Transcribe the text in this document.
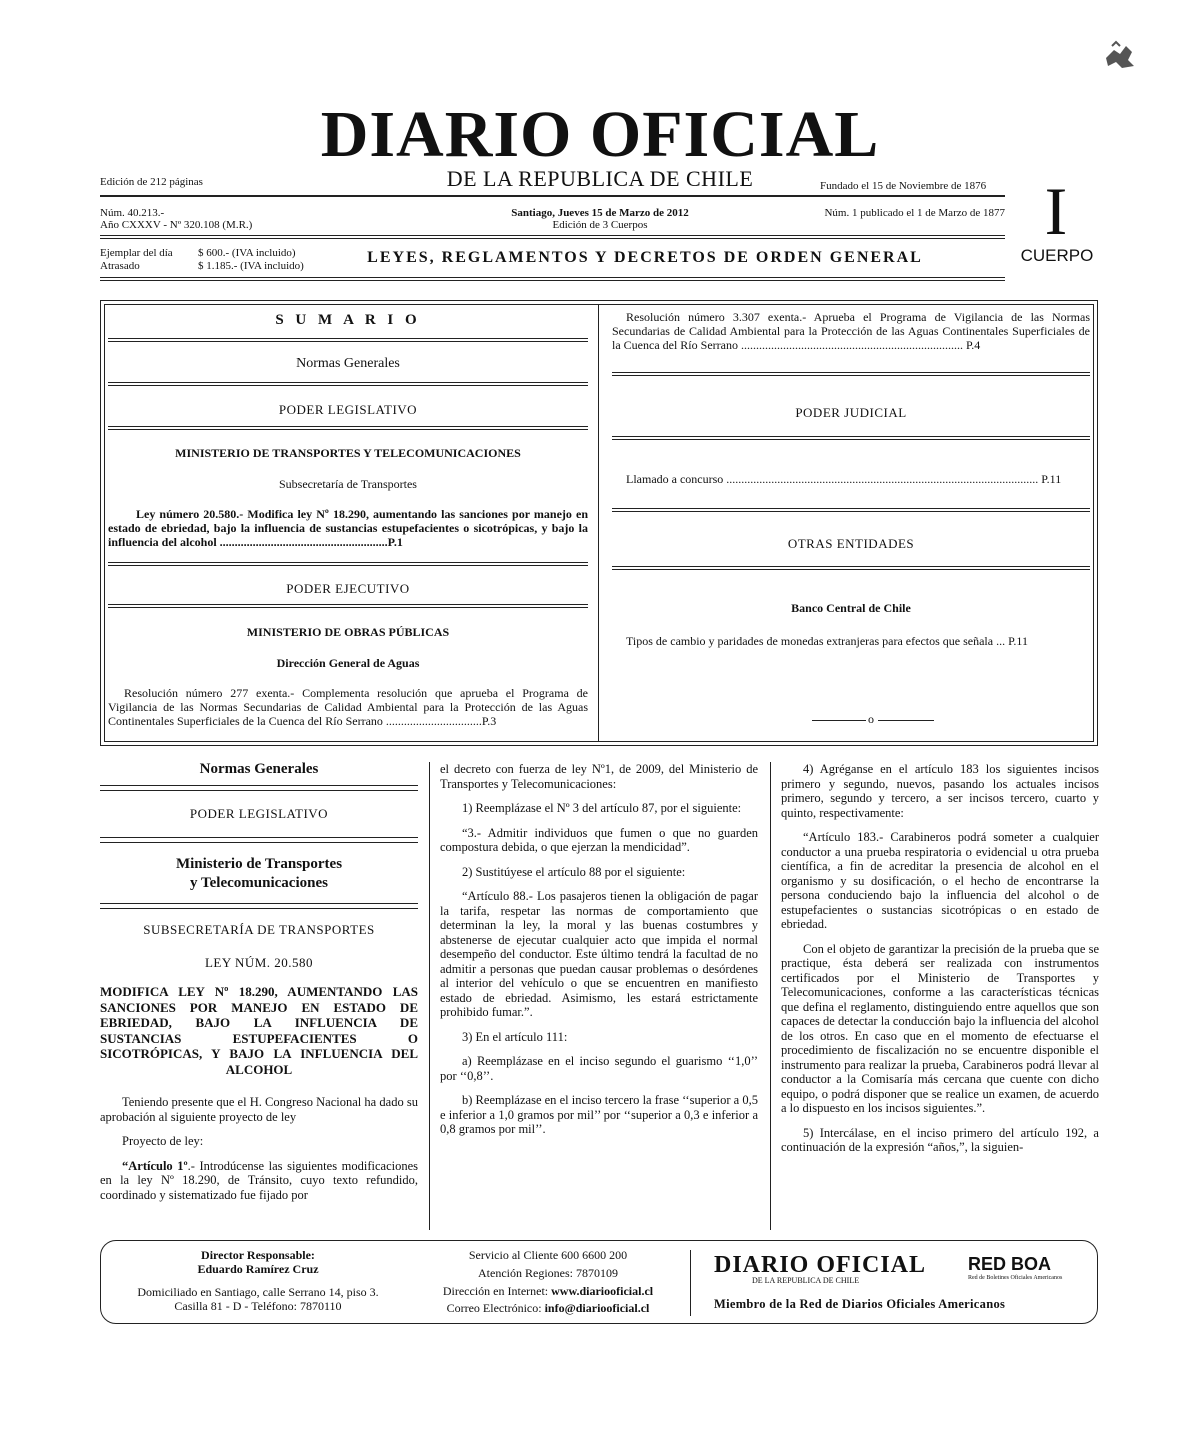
DIARIO OFICIAL
DE LA REPUBLICA DE CHILE
Edición de 212 páginas	Fundado el 15 de Noviembre de 1876 I
Núm. 40.213.-
Año CXXXV - Nº 320.108 (M.R.)
Santiago, Jueves 15 de Marzo de 2012
Edición de 3 Cuerpos
Núm. 1 publicado el 1 de Marzo de 1877
Ejemplar del día $ 600.- (IVA incluido)
Atrasado	$ 1.185.- (IVA incluido)	LEYES, REGLAMENTOS Y DECRETOS DE ORDEN GENERAL	CUERPO
S U M A R I O
Normas Generales
PODER LEGISLATIVO
MINISTERIO DE TRANSPORTES Y TELECOMUNICACIONES
Subsecretaría de Transportes
Ley número 20.580.- Modifica ley Nº 18.290, aumentando las sanciones por manejo en estado de ebriedad, bajo la influencia de sustancias estupefacientes o sicotrópicas, y bajo la influencia del alcohol ........................................................P.1
PODER EJECUTIVO
MINISTERIO DE OBRAS PÚBLICAS
Dirección General de Aguas
Resolución número 277 exenta.- Complementa resolución que aprueba el Programa de Vigilancia de las Normas Secundarias de Calidad Ambiental para la Protección de las Aguas Continentales Superficiales de la Cuenca del Río Serrano ................................P.3
Resolución número 3.307 exenta.- Aprueba el Programa de Vigilancia de las Normas Secundarias de Calidad Ambiental para la Protección de las Aguas Continentales Superficiales de la Cuenca del Río Serrano .......................................................................... P.4
PODER JUDICIAL
Llamado a concurso ........................................................................................................ P.11
OTRAS ENTIDADES
Banco Central de Chile
Tipos de cambio y paridades de monedas extranjeras para efectos que señala ... P.11
o
Normas Generales
PODER LEGISLATIVO
Ministerio de Transportes
y Telecomunicaciones
SUBSECRETARÍA DE TRANSPORTES
LEY NÚM. 20.580
MODIFICA LEY Nº 18.290, AUMENTANDO LAS SANCIONES POR MANEJO EN ESTADO DE EBRIEDAD, BAJO LA INFLUENCIA DE SUSTANCIAS ESTUPEFACIENTES O SICOTRÓPICAS, Y BAJO LA INFLUENCIA DEL ALCOHOL

Teniendo presente que el H. Congreso Nacional ha dado su aprobación al siguiente proyecto de ley

Proyecto de ley:

“Artículo 1º.- Introdúcense las siguientes modificaciones en la ley Nº 18.290, de Tránsito, cuyo texto refundido, coordinado y sistematizado fue fijado por

el decreto con fuerza de ley Nº1, de 2009, del Ministerio de Transportes y Telecomunicaciones:

1) Reemplázase el Nº 3 del artículo 87, por el siguiente:

“3.- Admitir individuos que fumen o que no guarden compostura debida, o que ejerzan la mendicidad”.

2) Sustitúyese el artículo 88 por el siguiente:

“Artículo 88.- Los pasajeros tienen la obligación de pagar la tarifa, respetar las normas de comportamiento que determinan la ley, la moral y las buenas costumbres y abstenerse de ejecutar cualquier acto que impida el normal desempeño del conductor. Este último tendrá la facultad de no admitir a personas que puedan causar problemas o desórdenes al interior del vehículo o que se encuentren en manifiesto estado de ebriedad. Asimismo, les estará estrictamente prohibido fumar.”.

3) En el artículo 111:

a) Reemplázase en el inciso segundo el guarismo ‘‘1,0’’ por ‘‘0,8’’.

b) Reemplázase en el inciso tercero la frase ‘‘superior a 0,5 e inferior a 1,0 gramos por mil’’ por ‘‘superior a 0,3 e inferior a 0,8 gramos por mil’’.

4) Agréganse en el artículo 183 los siguientes incisos primero y segundo, nuevos, pasando los actuales incisos primero, segundo y tercero, a ser incisos tercero, cuarto y quinto, respectivamente:

“Artículo 183.- Carabineros podrá someter a cualquier conductor a una prueba respiratoria o evidencial u otra prueba científica, a fin de acreditar la presencia de alcohol en el organismo y su dosificación, o el hecho de encontrarse la persona conduciendo bajo la influencia del alcohol o de estupefacientes o sustancias sicotrópicas o en estado de ebriedad.

Con el objeto de garantizar la precisión de la prueba que se practique, ésta deberá ser realizada con instrumentos certificados por el Ministerio de Transportes y Telecomunicaciones, conforme a las características técnicas que defina el reglamento, distinguiendo entre aquellos que son capaces de detectar la conducción bajo la influencia del alcohol de los otros. En caso que en el momento de efectuarse el procedimiento de fiscalización no se encuentre disponible el instrumento para realizar la prueba, Carabineros podrá llevar al conductor a la Comisaría más cercana que cuente con dicho equipo, o podrá disponer que se realice un examen, de acuerdo a lo dispuesto en los incisos siguientes.”.

5) Intercálase, en el inciso primero del artículo 192, a continuación de la expresión “años,”, la siguien-

Director Responsable:
Eduardo Ramírez Cruz
Domiciliado en Santiago, calle Serrano 14, piso 3.
Casilla 81 - D - Teléfono: 7870110
Servicio al Cliente 600 6600 200
Atención Regiones: 7870109
Dirección en Internet: www.diariooficial.cl
Correo Electrónico: info@diariooficial.cl
DIARIO OFICIAL
DE LA REPUBLICA DE CHILE
RED BOA
Red de Boletines Oficiales Americanos
Miembro de la Red de Diarios Oficiales Americanos
